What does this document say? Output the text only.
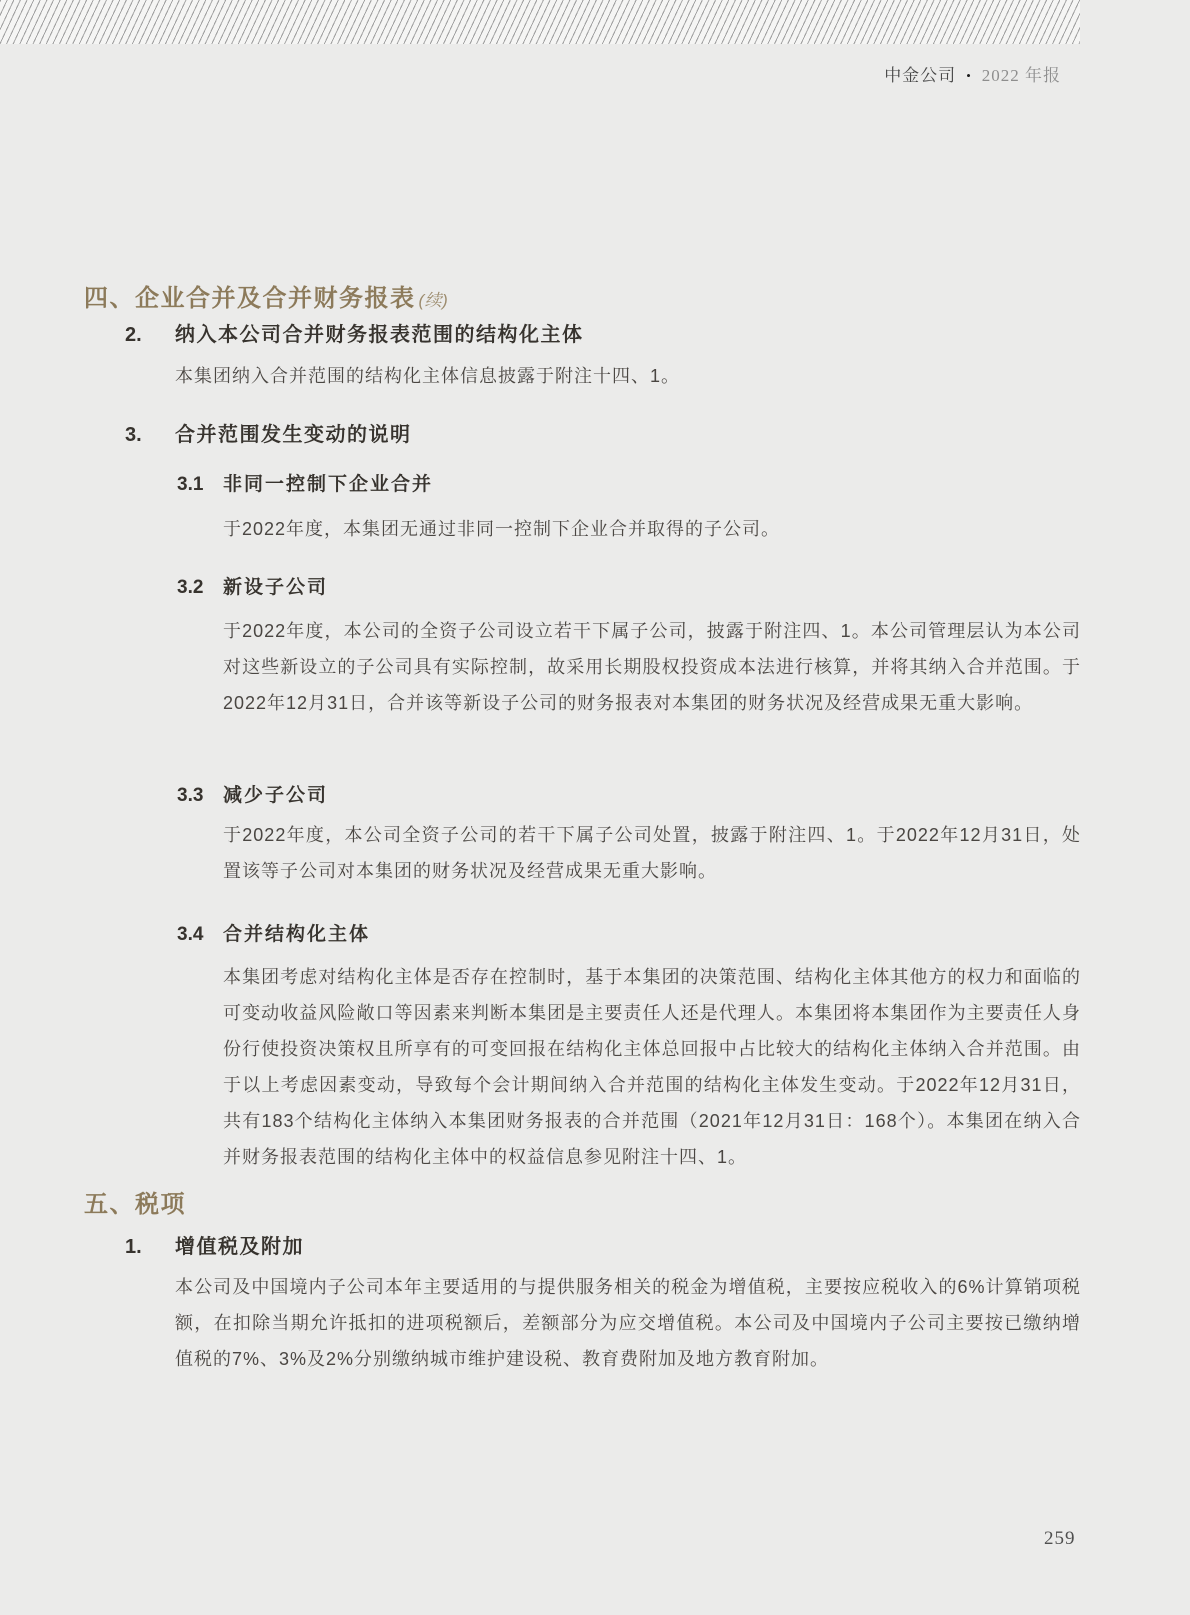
中金公司 • 2022 年报
四、企业合并及合并财务报表 (续)
2.	纳入本公司合并财务报表范围的结构化主体

本集团纳入合并范围的结构化主体信息披露于附注十四、1。

3.	合并范围发生变动的说明
3.1	非同一控制下企业合并

于2022年度，本集团无通过非同一控制下企业合并取得的子公司。

3.2	新设子公司

于2022年度，本公司的全资子公司设立若干下属子公司，披露于附注四、1。本公司管理层认为本公司对这些新设立的子公司具有实际控制，故采用长期股权投资成本法进行核算，并将其纳入合并范围。于2022年12月31日，合并该等新设子公司的财务报表对本集团的财务状况及经营成果无重大影响。

3.3	减少子公司

于2022年度，本公司全资子公司的若干下属子公司处置，披露于附注四、1。于2022年12月31日，处置该等子公司对本集团的财务状况及经营成果无重大影响。

3.4	合并结构化主体

本集团考虑对结构化主体是否存在控制时，基于本集团的决策范围、结构化主体其他方的权力和面临的可变动收益风险敞口等因素来判断本集团是主要责任人还是代理人。本集团将本集团作为主要责任人身份行使投资决策权且所享有的可变回报在结构化主体总回报中占比较大的结构化主体纳入合并范围。由于以上考虑因素变动，导致每个会计期间纳入合并范围的结构化主体发生变动。于2022年12月31日，共有183个结构化主体纳入本集团财务报表的合并范围（2021年12月31日：168个）。本集团在纳入合并财务报表范围的结构化主体中的权益信息参见附注十四、1。

五、税项
1.	增值税及附加

本公司及中国境内子公司本年主要适用的与提供服务相关的税金为增值税，主要按应税收入的6%计算销项税额，在扣除当期允许抵扣的进项税额后，差额部分为应交增值税。本公司及中国境内子公司主要按已缴纳增值税的7%、3%及2%分别缴纳城市维护建设税、教育费附加及地方教育附加。

259
